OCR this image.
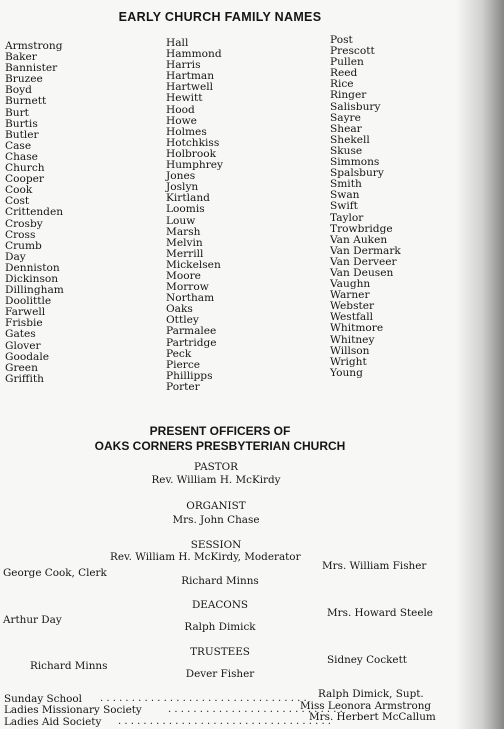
EARLY CHURCH FAMILY NAMES
Armstrong
Baker
Bannister
Bruzee
Boyd
Burnett
Burt
Burtis
Butler
Case
Chase
Church
Cooper
Cook
Cost
Crittenden
Crosby
Cross
Crumb
Day
Denniston
Dickinson
Dillingham
Doolittle
Farwell
Frisbie
Gates
Glover
Goodale
Green
Griffith
Hall
Hammond
Harris
Hartman
Hartwell
Hewitt
Hood
Howe
Holmes
Hotchkiss
Holbrook
Humphrey
Jones
Joslyn
Kirtland
Loomis
Louw
Marsh
Melvin
Merrill
Mickelsen
Moore
Morrow
Northam
Oaks
Ottley
Parmalee
Partridge
Peck
Pierce
Phillipps
Porter
Post
Prescott
Pullen
Reed
Rice
Ringer
Salisbury
Sayre
Shear
Shekell
Skuse
Simmons
Spalsbury
Smith
Swan
Swift
Taylor
Trowbridge
Van Auken
Van Dermark
Van Derveer
Van Deusen
Vaughn
Warner
Webster
Westfall
Whitmore
Whitney
Willson
Wright
Young
PRESENT OFFICERS OF
OAKS CORNERS PRESBYTERIAN CHURCH
PASTOR
Rev. William H. McKirdy
ORGANIST
Mrs. John Chase
SESSION
Rev. William H. McKirdy, Moderator
George Cook, Clerk
Mrs. William Fisher
Richard Minns
DEACONS
Arthur Day
Mrs. Howard Steele
Ralph Dimick
TRUSTEES
Richard Minns	Sidney Cockett
Dever Fisher
Sunday School . . . . . . . . . . . . . . . . . . . . . . . . . . . . . . . . . Ralph Dimick, Supt.
Ladies Missionary Society	. . . . . . . . . . . . . . . . . . . . . . . . . . . .
Miss Leonora Armstrong
Ladies Aid Society . . . . . . . . . . . . . . . . . . . . . . . . . . . . . . . . . .
Mrs. Herbert McCallum
